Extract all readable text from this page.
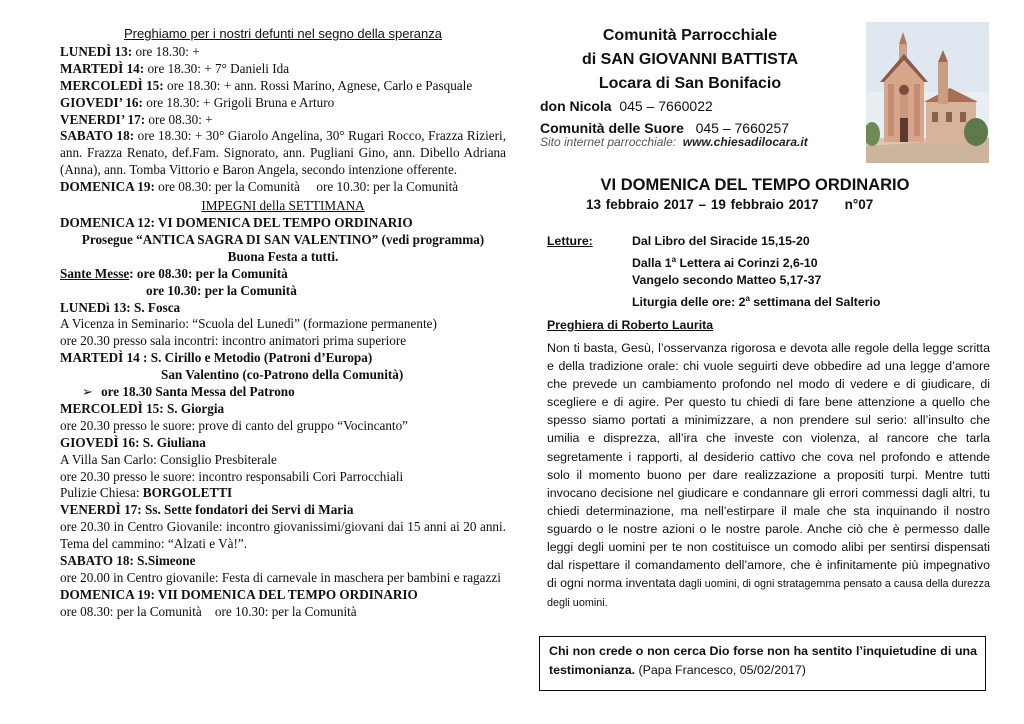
Preghiamo per i nostri defunti nel segno della speranza
LUNEDÌ 13: ore 18.30: +
MARTEDÌ 14: ore 18.30: + 7° Danieli Ida
MERCOLEDÌ 15: ore 18.30: + ann. Rossi Marino, Agnese, Carlo e Pasquale
GIOVEDI’ 16: ore 18.30: + Grigoli Bruna e Arturo
VENERDI’ 17: ore 08.30: +
SABATO 18: ore 18.30: + 30° Giarolo Angelina, 30° Rugari Rocco, Frazza Rizieri, ann. Frazza Renato, def.Fam. Signorato, ann. Pugliani Gino, ann. Dibello Adriana (Anna), ann. Tomba Vittorio e Baron Angela, secondo intenzione offerente.
DOMENICA 19: ore 08.30: per la Comunità     ore 10.30: per la Comunità
IMPEGNI della SETTIMANA
DOMENICA 12: VI DOMENICA DEL TEMPO ORDINARIO
Prosegue “ANTICA SAGRA DI SAN VALENTINO” (vedi programma)
Buona Festa a tutti.
Sante Messe: ore 08.30: per la Comunità
ore 10.30: per la Comunità
LUNEDì 13: S. Fosca
A Vicenza in Seminario: “Scuola del Lunedì” (formazione permanente)
ore 20.30 presso sala incontri: incontro animatori prima superiore
MARTEDÌ 14 : S. Cirillo e Metodio (Patroni d’Europa)
San Valentino (co-Patrono della Comunità)
➢ ore 18.30 Santa Messa del Patrono
MERCOLEDÌ 15: S. Giorgia
ore 20.30 presso le suore: prove di canto del gruppo “Vocincanto”
GIOVEDÌ 16: S. Giuliana
A Villa San Carlo: Consiglio Presbiterale
ore 20.30 presso le suore: incontro responsabili Cori Parrocchiali
Pulizie Chiesa: BORGOLETTI
VENERDÌ 17: Ss. Sette fondatori dei Servi di Maria
ore 20.30 in Centro Giovanile: incontro giovanissimi/giovani dai 15 anni ai 20 anni. Tema del cammino: “Alzati e Và!”.
SABATO 18: S.Simeone
ore 20.00 in Centro giovanile: Festa di carnevale in maschera per bambini e ragazzi
DOMENICA 19: VII DOMENICA DEL TEMPO ORDINARIO
ore 08.30: per la Comunità    ore 10.30: per la Comunità
Comunità Parrocchiale
di SAN GIOVANNI BATTISTA
Locara di San Bonifacio
don Nicola 045 – 7660022
Comunità delle Suore 045 – 7660257
Sito internet parrocchiale:  www.chiesadilocara.it
VI DOMENICA DEL TEMPO ORDINARIO
13 febbraio 2017 – 19 febbraio 2017 n°07
Letture:	Dal Libro del Siracide 15,15-20
Dalla 1$^a$ Lettera ai Corinzi 2,6-10
Vangelo secondo Matteo 5,17-37
Liturgia delle ore: 2$^a$ settimana del Salterio
Preghiera di Roberto Laurita
Non ti basta, Gesù, l’osservanza rigorosa e devota alle regole della legge scritta e della tradizione orale: chi vuole seguirti deve obbedire ad una legge d’amore che prevede un cambiamento profondo nel modo di vedere e di giudicare, di scegliere e di agire. Per questo tu chiedi di fare bene attenzione a quello che spesso siamo portati a minimizzare, a non prendere sul serio: all’insulto che umilia e disprezza, all’ira che investe con violenza, al rancore che tarla segretamente i rapporti, al desiderio cattivo che cova nel profondo e attende solo il momento buono per dare realizzazione a propositi turpi. Mentre tutti invocano decisione nel giudicare e condannare gli errori commessi dagli altri, tu chiedi determinazione, ma nell’estirpare il male che sta inquinando il nostro sguardo o le nostre azioni o le nostre parole. Anche ciò che è permesso dalle leggi degli uomini per te non costituisce un comodo alibi per sentirsi dispensati dal rispettare il comandamento dell’amore, che è infinitamente più impegnativo di ogni norma inventata dagli uomini, di ogni stratagemma pensato a causa della durezza degli uomini.
Chi non crede o non cerca Dio forse non ha sentito l’inquietudine di una testimonianza. (Papa Francesco, 05/02/2017)
